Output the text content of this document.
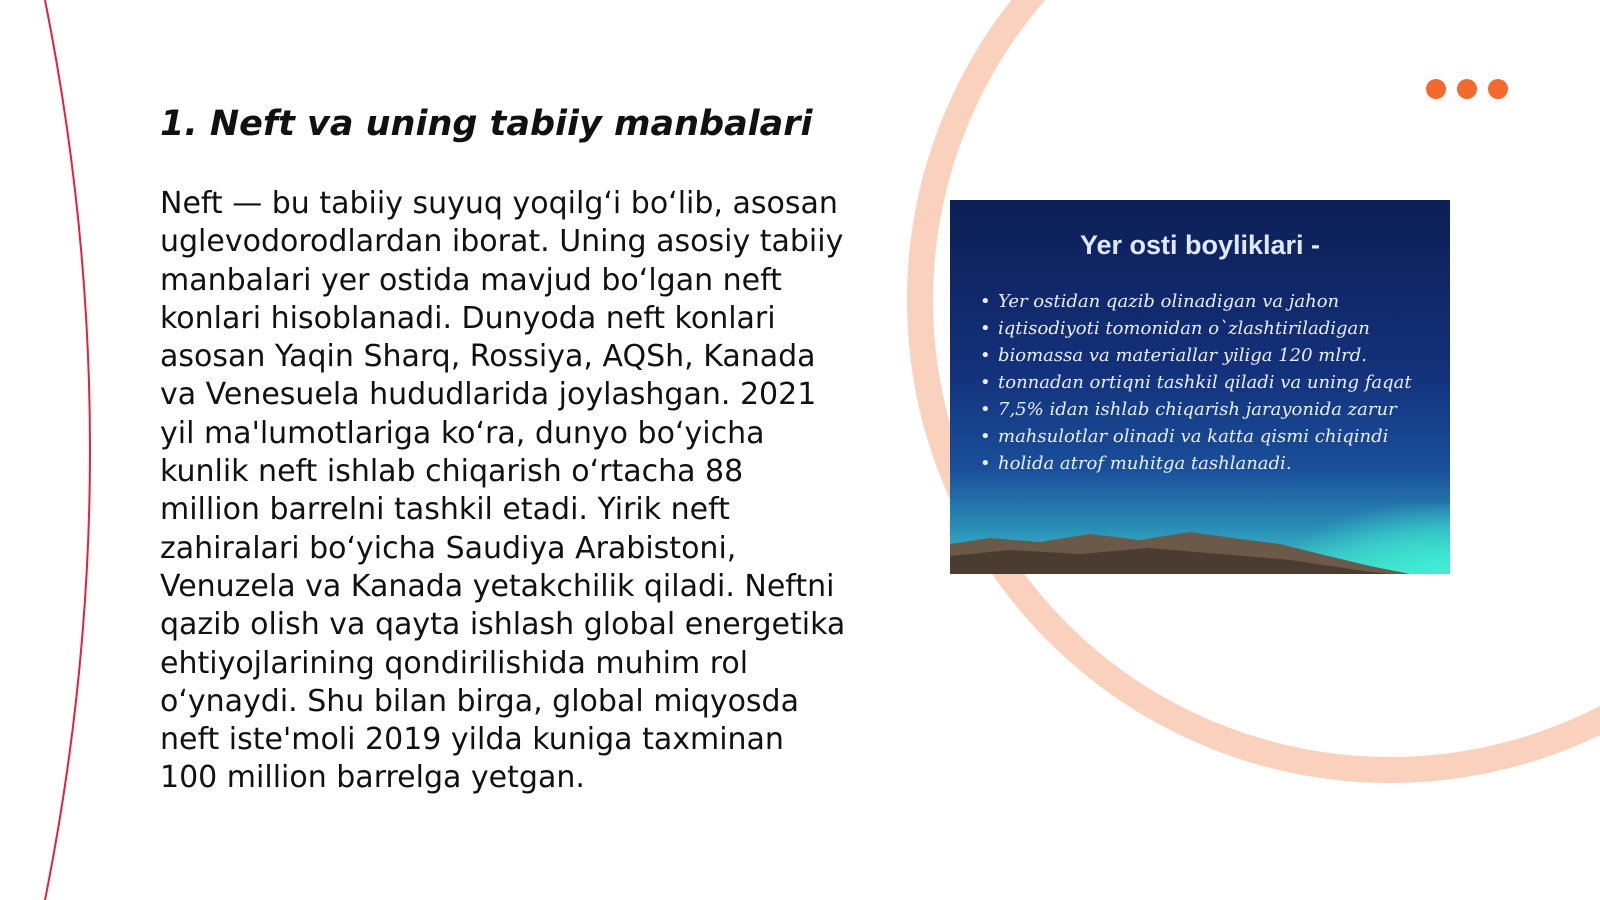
1. Neft va uning tabiiy manbalari

Neft — bu tabiiy suyuq yoqilg‘i bo‘lib, asosan uglevodorodlardan iborat. Uning asosiy tabiiy manbalari yer ostida mavjud bo‘lgan neft konlari hisoblanadi. Dunyoda neft konlari asosan Yaqin Sharq, Rossiya, AQSh, Kanada va Venesuela hududlarida joylashgan. 2021 yil ma'lumotlariga ko‘ra, dunyo bo‘yicha kunlik neft ishlab chiqarish o‘rtacha 88 million barrelni tashkil etadi. Yirik neft zahiralari bo‘yicha Saudiya Arabistoni, Venuzela va Kanada yetakchilik qiladi. Neftni qazib olish va qayta ishlash global energetika ehtiyojlarining qondirilishida muhim rol o‘ynaydi. Shu bilan birga, global miqyosda neft iste'moli 2019 yilda kuniga taxminan 100 million barrelga yetgan.

Yer osti boyliklari -
• Yer ostidan qazib olinadigan va jahon
• iqtisodiyoti tomonidan o`zlashtiriladigan
• biomassa va materiallar yiliga 120 mlrd.
• tonnadan ortiqni tashkil qiladi va uning faqat
• 7,5% idan ishlab chiqarish jarayonida zarur
• mahsulotlar olinadi va katta qismi chiqindi
• holida atrof muhitga tashlanadi.
